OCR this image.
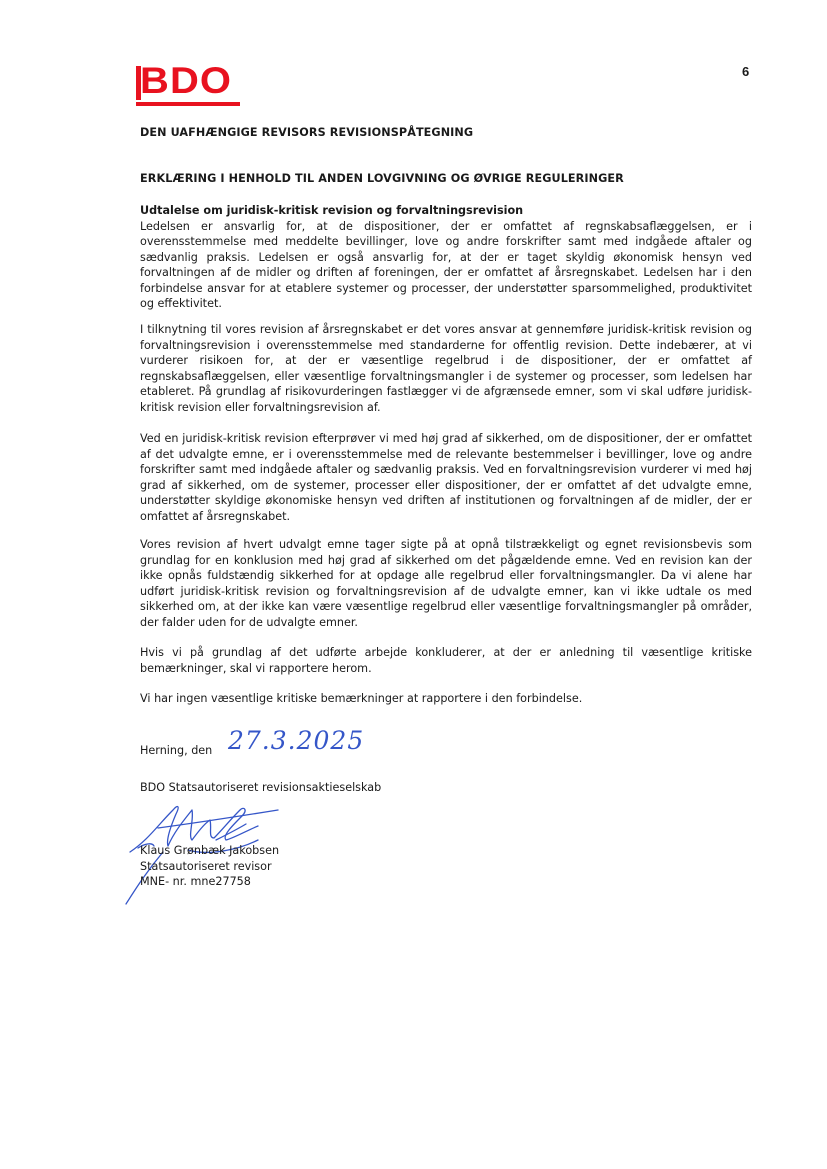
BDO	6
DEN UAFHÆNGIGE REVISORS REVISIONSPÅTEGNING
ERKLÆRING I HENHOLD TIL ANDEN LOVGIVNING OG ØVRIGE REGULERINGER
Udtalelse om juridisk-kritisk revision og forvaltningsrevision

Ledelsen er ansvarlig for, at de dispositioner, der er omfattet af regnskabsaflæggelsen, er i overensstemmelse med meddelte bevillinger, love og andre forskrifter samt med indgåede aftaler og sædvanlig praksis. Ledelsen er også ansvarlig for, at der er taget skyldig økonomisk hensyn ved forvaltningen af de midler og driften af foreningen, der er omfattet af årsregnskabet. Ledelsen har i den forbindelse ansvar for at etablere systemer og processer, der understøtter sparsommelighed, produktivitet og effektivitet.

I tilknytning til vores revision af årsregnskabet er det vores ansvar at gennemføre juridisk-kritisk revision og forvaltningsrevision i overensstemmelse med standarderne for offentlig revision. Dette indebærer, at vi vurderer risikoen for, at der er væsentlige regelbrud i de dispositioner, der er omfattet af regnskabsaflæggelsen, eller væsentlige forvaltningsmangler i de systemer og processer, som ledelsen har etableret. På grundlag af risikovurderingen fastlægger vi de afgrænsede emner, som vi skal udføre juridisk-kritisk revision eller forvaltningsrevision af.

Ved en juridisk-kritisk revision efterprøver vi med høj grad af sikkerhed, om de dispositioner, der er omfattet af det udvalgte emne, er i overensstemmelse med de relevante bestemmelser i bevillinger, love og andre forskrifter samt med indgåede aftaler og sædvanlig praksis. Ved en forvaltningsrevision vurderer vi med høj grad af sikkerhed, om de systemer, processer eller dispositioner, der er omfattet af det udvalgte emne, understøtter skyldige økonomiske hensyn ved driften af institutionen og forvaltningen af de midler, der er omfattet af årsregnskabet.

Vores revision af hvert udvalgt emne tager sigte på at opnå tilstrækkeligt og egnet revisionsbevis som grundlag for en konklusion med høj grad af sikkerhed om det pågældende emne. Ved en revision kan der ikke opnås fuldstændig sikkerhed for at opdage alle regelbrud eller forvaltningsmangler. Da vi alene har udført juridisk-kritisk revision og forvaltningsrevision af de udvalgte emner, kan vi ikke udtale os med sikkerhed om, at der ikke kan være væsentlige regelbrud eller væsentlige forvaltningsmangler på områder, der falder uden for de udvalgte emner.

Hvis vi på grundlag af det udførte arbejde konkluderer, at der er anledning til væsentlige kritiske bemærkninger, skal vi rapportere herom.

Vi har ingen væsentlige kritiske bemærkninger at rapportere i den forbindelse.

Herning, den 27.3.2025
BDO Statsautoriseret revisionsaktieselskab
Klaus Grønbæk Jakobsen
Statsautoriseret revisor
MNE- nr. mne27758
